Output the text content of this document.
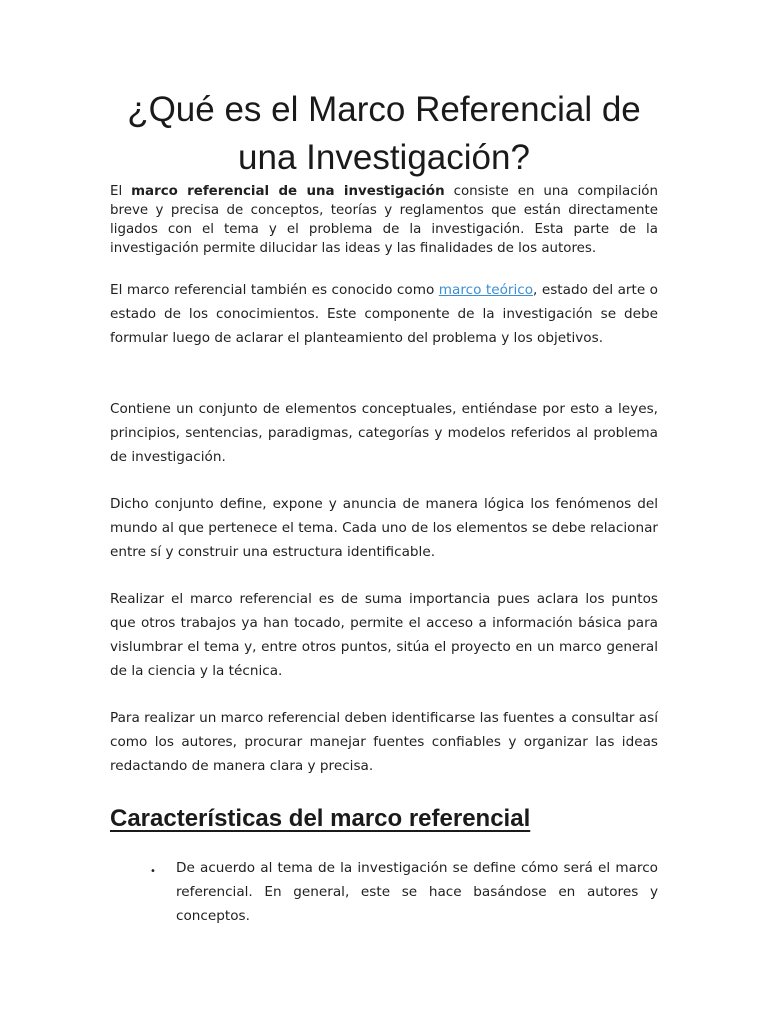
¿Qué es el Marco Referencial de una Investigación?

El marco referencial de una investigación consiste en una compilación breve y precisa de conceptos, teorías y reglamentos que están directamente ligados con el tema y el problema de la investigación. Esta parte de la investigación permite dilucidar las ideas y las finalidades de los autores.

El marco referencial también es conocido como marco teórico, estado del arte o estado de los conocimientos. Este componente de la investigación se debe formular luego de aclarar el planteamiento del problema y los objetivos.

Contiene un conjunto de elementos conceptuales, entiéndase por esto a leyes, principios, sentencias, paradigmas, categorías y modelos referidos al problema de investigación.

Dicho conjunto define, expone y anuncia de manera lógica los fenómenos del mundo al que pertenece el tema. Cada uno de los elementos se debe relacionar entre sí y construir una estructura identificable.

Realizar el marco referencial es de suma importancia pues aclara los puntos que otros trabajos ya han tocado, permite el acceso a información básica para vislumbrar el tema y, entre otros puntos, sitúa el proyecto en un marco general de la ciencia y la técnica.

Para realizar un marco referencial deben identificarse las fuentes a consultar así como los autores, procurar manejar fuentes confiables y organizar las ideas redactando de manera clara y precisa.

Características del marco referencial
• De acuerdo al tema de la investigación se define cómo será el marco referencial. En general, este se hace basándose en autores y conceptos.
